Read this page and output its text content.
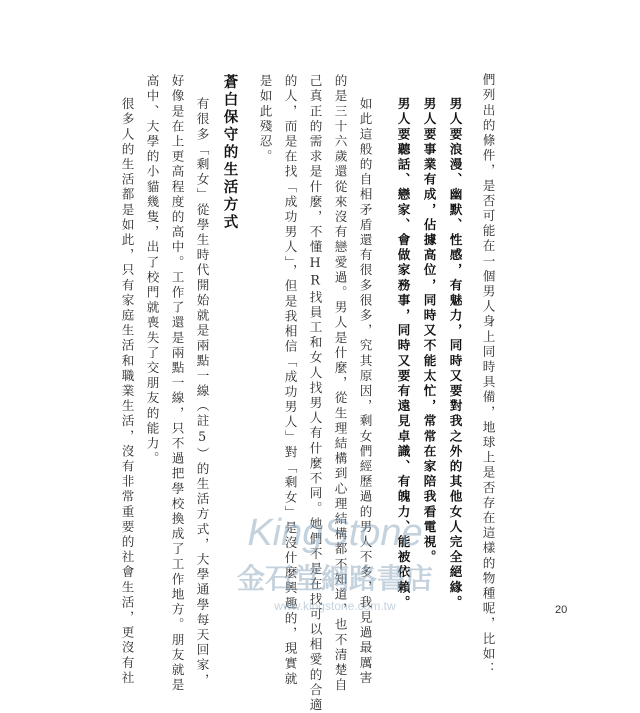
們列出的條件，是否可能在一個男人身上同時具備，地球上是否存在這樣的物種呢，比如：
男人要浪漫、幽默、性感，有魅力，同時又要對我之外的其他女人完全絕緣。
男人要事業有成，佔據高位，同時又不能太忙，常常在家陪我看電視。
男人要聽話、戀家、會做家務事，同時又要有遠見卓識、有魄力、能被依賴。
如此這般的自相矛盾還有很多很多，究其原因，剩女們經歷過的男人不多，我見過最厲害
的是三十六歲還從來沒有戀愛過。男人是什麼，從生理結構到心理結構都不知道，也不清楚自
己真正的需求是什麼，不懂HR找員工和女人找男人有什麼不同。她們不是在找可以相愛的合適
的人，而是在找「成功男人」，但是我相信「成功男人」對「剩女」是沒什麼興趣的，現實就
是如此殘忍。
蒼白保守的生活方式
有很多「剩女」從學生時代開始就是兩點一線（註5）的生活方式，大學通學每天回家，
好像是在上更高程度的高中。工作了還是兩點一線，只不過把學校換成了工作地方。朋友就是
高中、大學的小貓幾隻，出了校門就喪失了交朋友的能力。
很多人的生活都是如此，只有家庭生活和職業生活，沒有非常重要的社會生活，更沒有社	20
KingStone
金石堂網路書店
www.kingstone.com.tw
